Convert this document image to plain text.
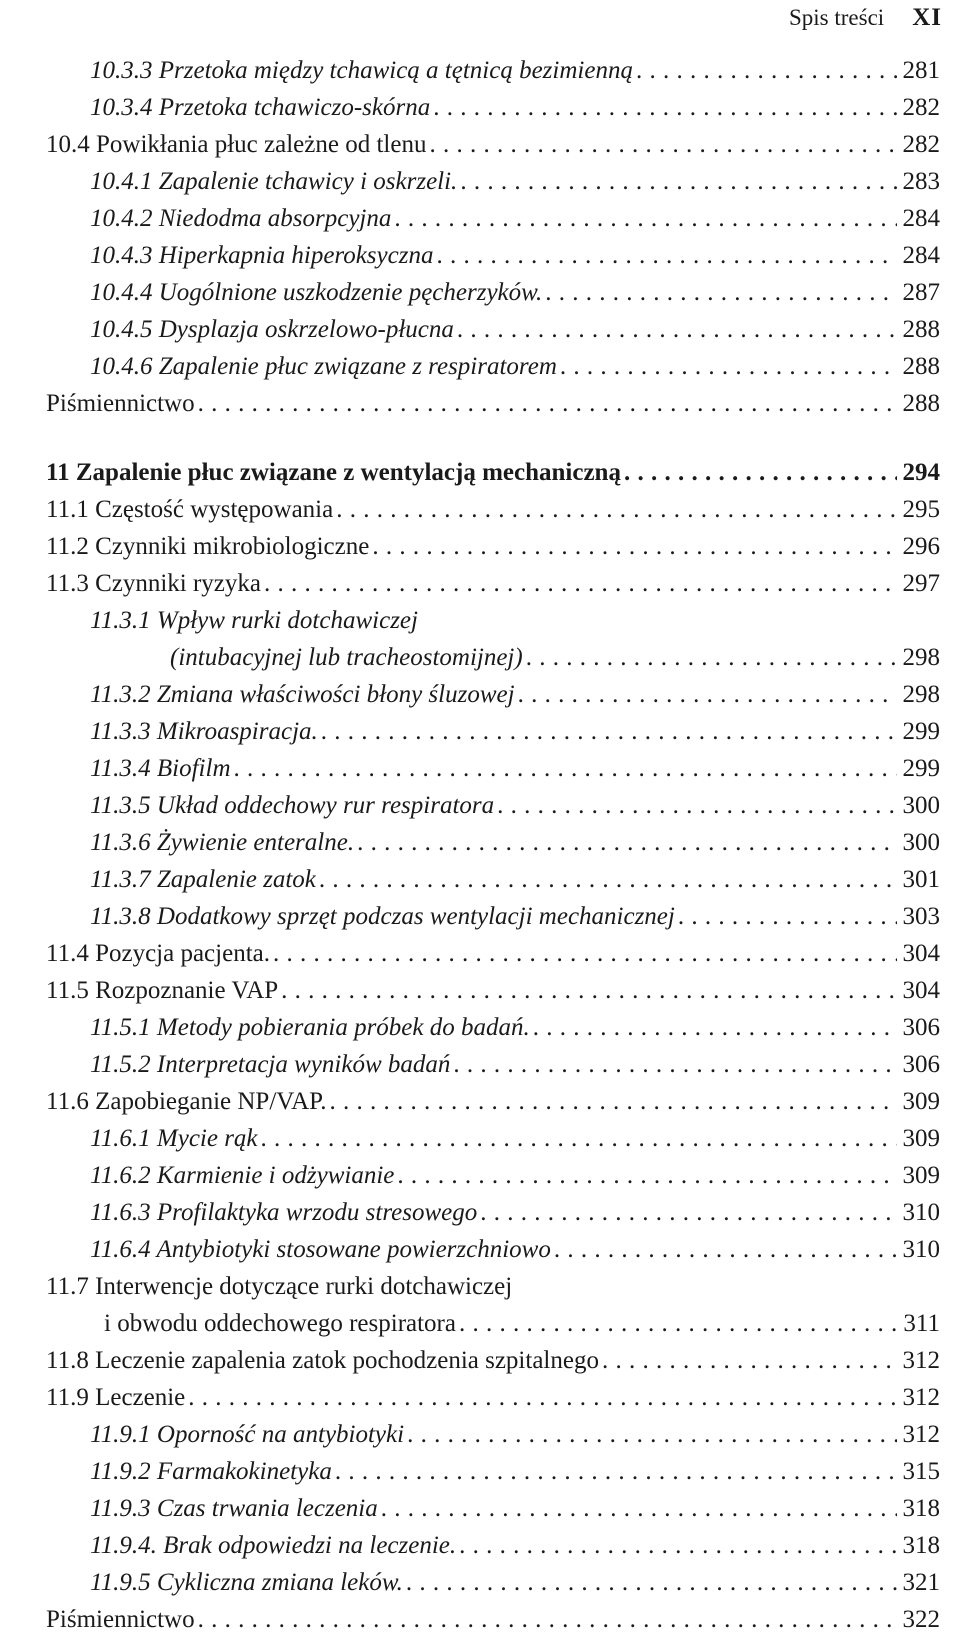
Spis treści XI
10.3.3 Przetoka między tchawicą a tętnicą bezimienną . . .	281
10.3.4 Przetoka tchawiczo-skórna . . .	282
10.4 Powikłania płuc zależne od tlenu . . .	282
10.4.1 Zapalenie tchawicy i oskrzeli. . . .	283
10.4.2 Niedodma absorpcyjna . . .	284
10.4.3 Hiperkapnia hiperoksyczna . . .	284
10.4.4 Uogólnione uszkodzenie pęcherzyków. . . .	287
10.4.5 Dysplazja oskrzelowo-płucna . . .	288
10.4.6 Zapalenie płuc związane z respiratorem . . .	288
Piśmiennictwo . . .	288
11 Zapalenie płuc związane z wentylacją mechaniczną . . .	294
11.1 Częstość występowania . . .	295
11.2 Czynniki mikrobiologiczne . . .	296
11.3 Czynniki ryzyka . . .	297
11.3.1 Wpływ rurki dotchawiczej
(intubacyjnej lub tracheostomijnej) . . .	298
11.3.2 Zmiana właściwości błony śluzowej . . .	298
11.3.3 Mikroaspiracja. . . .	299
11.3.4 Biofilm . . .	299
11.3.5 Układ oddechowy rur respiratora . . .	300
11.3.6 Żywienie enteralne. . . .	300
11.3.7 Zapalenie zatok . . .	301
11.3.8 Dodatkowy sprzęt podczas wentylacji mechanicznej . . .	303
11.4 Pozycja pacjenta. . . .	304
11.5 Rozpoznanie VAP . . .	304
11.5.1 Metody pobierania próbek do badań. . . .	306
11.5.2 Interpretacja wyników badań . . .	306
11.6 Zapobieganie NP/VAP. . . .	309
11.6.1 Mycie rąk . . .	309
11.6.2 Karmienie i odżywianie . . .	309
11.6.3 Profilaktyka wrzodu stresowego . . .	310
11.6.4 Antybiotyki stosowane powierzchniowo . . .	310
11.7 Interwencje dotyczące rurki dotchawiczej
i obwodu oddechowego respiratora . . .	311
11.8 Leczenie zapalenia zatok pochodzenia szpitalnego . . .	312
11.9 Leczenie . . .	312
11.9.1 Oporność na antybiotyki . . .	312
11.9.2 Farmakokinetyka . . .	315
11.9.3 Czas trwania leczenia . . .	318
11.9.4. Brak odpowiedzi na leczenie. . . .	318
11.9.5 Cykliczna zmiana leków. . . .	321
Piśmiennictwo . . .	322
